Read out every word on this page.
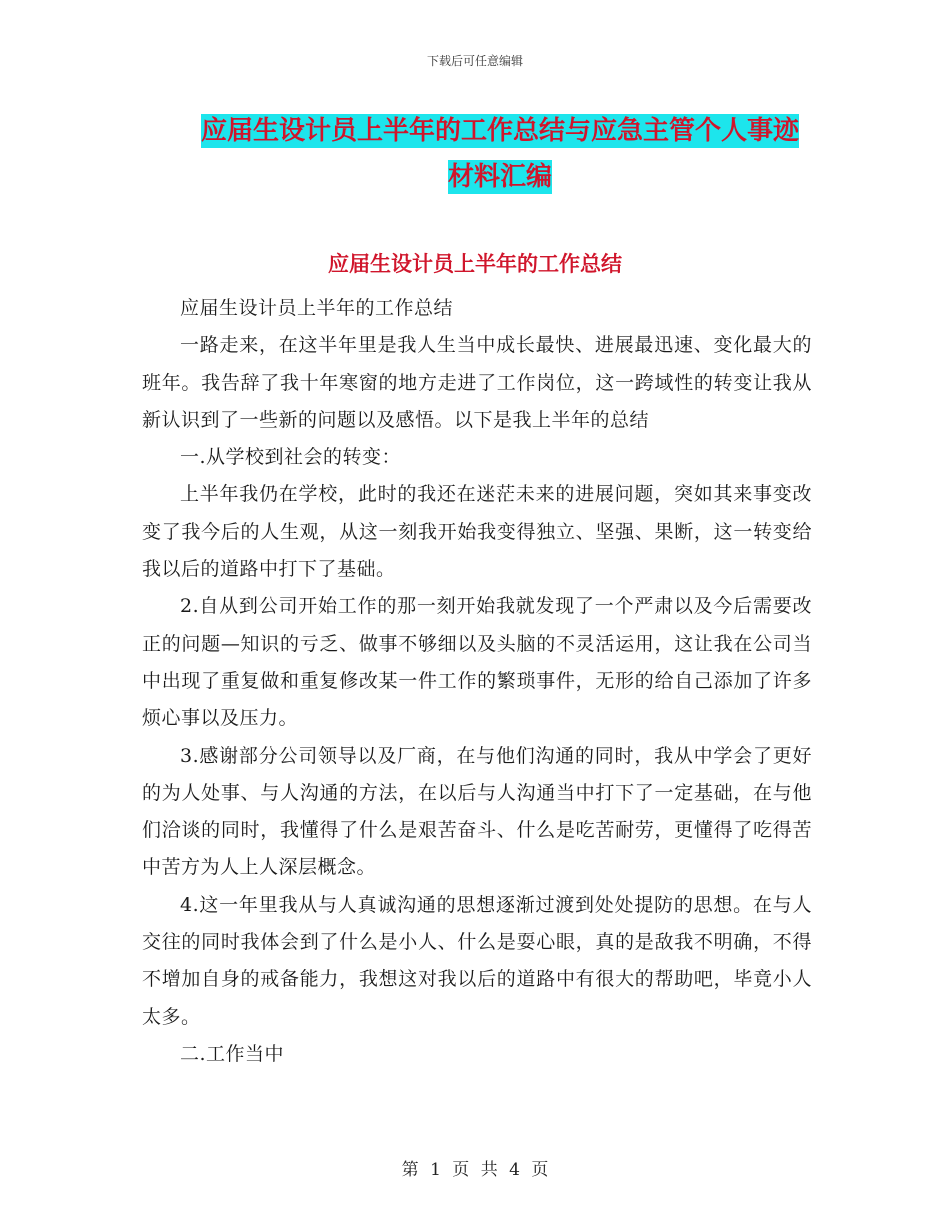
下载后可任意编辑
应届生设计员上半年的工作总结与应急主管个人事迹
材料汇编
应届生设计员上半年的工作总结

应届生设计员上半年的工作总结

一路走来，在这半年里是我人生当中成长最快、进展最迅速、变化最大的班年。我告辞了我十年寒窗的地方走进了工作岗位，这一跨域性的转变让我从新认识到了一些新的问题以及感悟。以下是我上半年的总结

一.从学校到社会的转变：

上半年我仍在学校，此时的我还在迷茫未来的进展问题，突如其来事变改变了我今后的人生观，从这一刻我开始我变得独立、坚强、果断，这一转变给我以后的道路中打下了基础。

2.自从到公司开始工作的那一刻开始我就发现了一个严肃以及今后需要改正的问题—知识的亏乏、做事不够细以及头脑的不灵活运用，这让我在公司当中出现了重复做和重复修改某一件工作的繁琐事件，无形的给自己添加了许多烦心事以及压力。

3.感谢部分公司领导以及厂商，在与他们沟通的同时，我从中学会了更好的为人处事、与人沟通的方法，在以后与人沟通当中打下了一定基础，在与他们洽谈的同时，我懂得了什么是艰苦奋斗、什么是吃苦耐劳，更懂得了吃得苦中苦方为人上人深层概念。

4.这一年里我从与人真诚沟通的思想逐渐过渡到处处提防的思想。在与人交往的同时我体会到了什么是小人、什么是耍心眼，真的是敌我不明确，不得不增加自身的戒备能力，我想这对我以后的道路中有很大的帮助吧，毕竟小人太多。

二.工作当中

第 1 页 共 4 页
